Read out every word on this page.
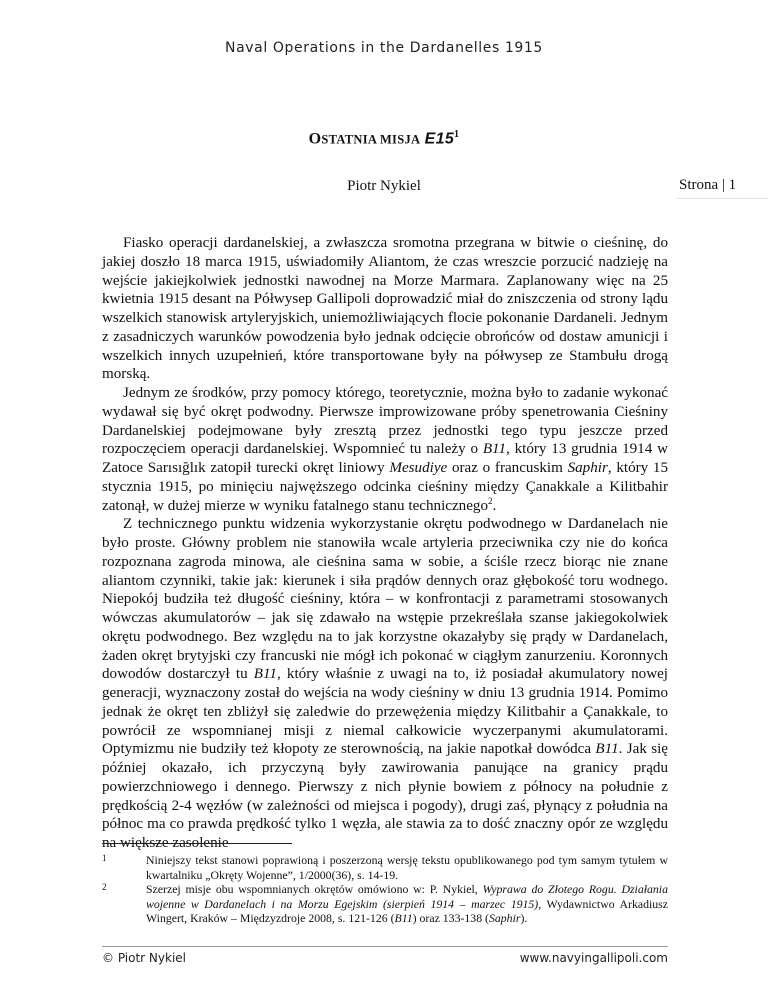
Naval Operations in the Dardanelles 1915
OSTATNIA MISJA $E15^1$
Piotr Nykiel	Strona | 1

Fiasko operacji dardanelskiej, a zwłaszcza sromotna przegrana w bitwie o cieśninę, do jakiej doszło 18 marca 1915, uświadomiły Aliantom, że czas wreszcie porzucić nadzieję na wejście jakiejkolwiek jednostki nawodnej na Morze Marmara. Zaplanowany więc na 25 kwietnia 1915 desant na Półwysep Gallipoli doprowadzić miał do zniszczenia od strony lądu wszelkich stanowisk artyleryjskich, uniemożliwiających flocie pokonanie Dardaneli. Jednym z zasadniczych warunków powodzenia było jednak odcięcie obrońców od dostaw amunicji i wszelkich innych uzupełnień, które transportowane były na półwysep ze Stambułu drogą morską.

Jednym ze środków, przy pomocy którego, teoretycznie, można było to zadanie wykonać wydawał się być okręt podwodny. Pierwsze improwizowane próby spenetrowania Cieśniny Dardanelskiej podejmowane były zresztą przez jednostki tego typu jeszcze przed rozpoczęciem operacji dardanelskiej. Wspomnieć tu należy o B11, który 13 grudnia 1914 w Zatoce Sarısığlık zatopił turecki okręt liniowy Mesudiye oraz o francuskim Saphir, który 15 stycznia 1915, po minięciu najwęższego odcinka cieśniny między Çanakkale a Kilitbahir zatonął, w dużej mierze w wyniku fatalnego stanu technicznego$^2$.

Z technicznego punktu widzenia wykorzystanie okrętu podwodnego w Dardanelach nie było proste. Główny problem nie stanowiła wcale artyleria przeciwnika czy nie do końca rozpoznana zagroda minowa, ale cieśnina sama w sobie, a ściśle rzecz biorąc nie znane aliantom czynniki, takie jak: kierunek i siła prądów dennych oraz głębokość toru wodnego. Niepokój budziła też długość cieśniny, która – w konfrontacji z parametrami stosowanych wówczas akumulatorów – jak się zdawało na wstępie przekreślała szanse jakiegokolwiek okrętu podwodnego. Bez względu na to jak korzystne okazałyby się prądy w Dardanelach, żaden okręt brytyjski czy francuski nie mógł ich pokonać w ciągłym zanurzeniu. Koronnych dowodów dostarczył tu B11, który właśnie z uwagi na to, iż posiadał akumulatory nowej generacji, wyznaczony został do wejścia na wody cieśniny w dniu 13 grudnia 1914. Pomimo jednak że okręt ten zbliżył się zaledwie do przewężenia między Kilitbahir a Çanakkale, to powrócił ze wspomnianej misji z niemal całkowicie wyczerpanymi akumulatorami. Optymizmu nie budziły też kłopoty ze sterownością, na jakie napotkał dowódca B11. Jak się później okazało, ich przyczyną były zawirowania panujące na granicy prądu powierzchniowego i dennego. Pierwszy z nich płynie bowiem z północy na południe z prędkością 2-4 węzłów (w zależności od miejsca i pogody), drugi zaś, płynący z południa na północ ma co prawda prędkość tylko 1 węzła, ale stawia za to dość znaczny opór ze względu na większe zasolenie

1	Niniejszy tekst stanowi poprawioną i poszerzoną wersję tekstu opublikowanego pod tym samym tytułem w kwartalniku „Okręty Wojenne”, 1/2000(36), s. 14-19.
2	Szerzej misje obu wspomnianych okrętów omówiono w: P. Nykiel, Wyprawa do Złotego Rogu. Działania wojenne w Dardanelach i na Morzu Egejskim (sierpień 1914 – marzec 1915), Wydawnictwo Arkadiusz Wingert, Kraków – Międzyzdroje 2008, s. 121-126 (B11) oraz 133-138 (Saphir).
© Piotr Nykiel	www.navyingallipoli.com
